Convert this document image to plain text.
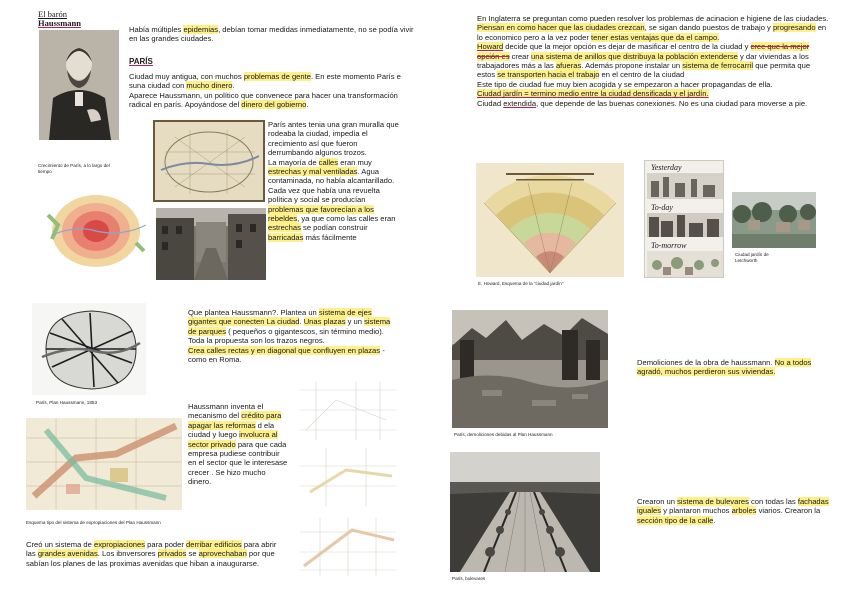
El barón
Haussmann
Había múltiples epidemias, debían tomar medidas inmediatamente, no se podía vivir en las grandes ciudades.
PARÍS
Ciudad muy antigua, con muchos problemas de gente. En este momento París e suna ciudad con mucho dinero.
Aparece Haussmann, un político que convenece para hacer una transformación radical en parís. Apoyándose del dinero del gobierno.
París antes tenia una gran muralla que rodeaba la ciudad, impedía el crecimiento así que fueron derrumbando algunos trozos.
La mayoría de calles eran muy estrechas y mal ventiladas. Agua contaminada, no había alcantarillado.
Cada vez que había una revuelta política y social se producían problemas que favorecían a los rebeldes, ya que como las calles eran estrechas se podían construir barricadas más fácilmente
Crecimiento de París, a lo largo del tiempo
En Inglaterra se preguntan como pueden resolver los problemas de acinacion e higiene de las ciudades. Piensan en como hacer que las ciudades crezcan, se sigan dando puestos de trabajo y progresando en lo economico pero a la vez poder tener estas ventajas que da el campo.
Howard decide que la mejor opción es dejar de masificar el centro de la ciudad y cree que la mejor opción es crear una sistema de anillos que distribuya la población extenderse y dar viviendas a los trabajadores más a las afueras. Además propone instalar un sistema de ferrocarril que permita que estos se transporten hacia el trabajo en el centro de la ciudad
Este tipo de ciudad fue muy bien acogida y se empezaron a hacer propagandas de ella.
Ciudad jardín = termino medio entre la ciudad densificada y el jardín.
Ciudad extendida, que depende de las buenas conexiones. No es una ciudad para moverse a pie.
E. Howard, Esquema de la "ciudad jardín"
Yesterday
To-day
To-morrow
Ciudad jardín de Letchworth
París, Plan Haussmann, 1853
Que plantea Haussmann?. Plantea un sistema de ejes gigantes que conecten La ciudad. Unas plazas y un sistema de parques ( pequeños o gigantescos, sin término medio). Toda la propuesta son los trazos negros.
Crea calles rectas y en diagonal que confluyen en plazas - como en Roma.
Esquema tipo del sistema de expropiaciones del Plan Haussmann
Haussmann inventa el mecanismo del crédito para apagar las reformas d ela ciudad y luego involucra al sector privado para que cada empresa pudiese contribuir en el sector que le interesase crecer . Se hizo mucho dinero.
Creó un sistema de expropiaciones para poder derribar edificios para abrir las grandes avenidas. Los ibnversores privados se aprovechaban por que sabían los planes de las proximas avenidas que hiban a inaugurarse.
París, demoliciones debidas al Plan Haussmann
Demoliciones de la obra de haussmann. No a todos agradó, muchos perdieron sus viviendas.
París, bulevares
Crearon un sistema de bulevares con todas las fachadas iguales y plantaron muchos arboles viarios. Crearon la sección tipo de la calle.
